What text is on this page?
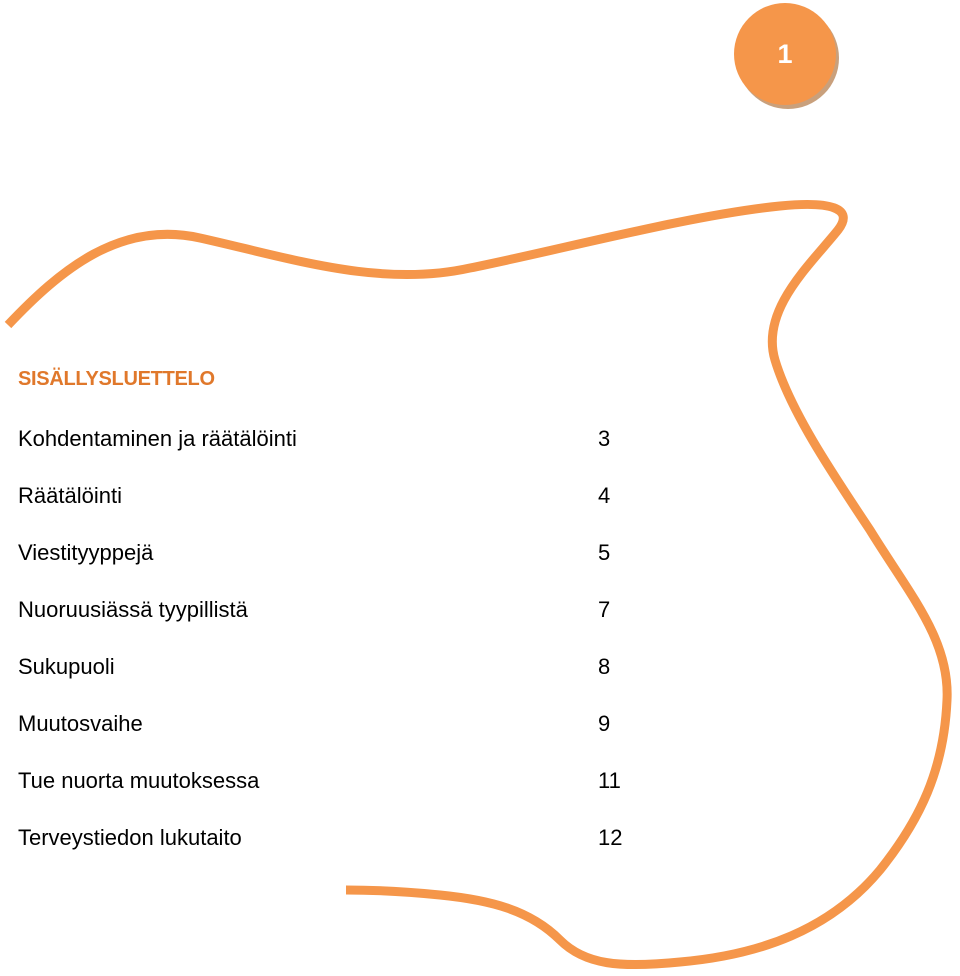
1
SISÄLLYSLUETTELO
Kohdentaminen ja räätälöinti	3
Räätälöinti	4
Viestityyppejä	5
Nuoruusiässä tyypillistä	7
Sukupuoli	8
Muutosvaihe	9
Tue nuorta muutoksessa	11
Terveystiedon lukutaito	12
